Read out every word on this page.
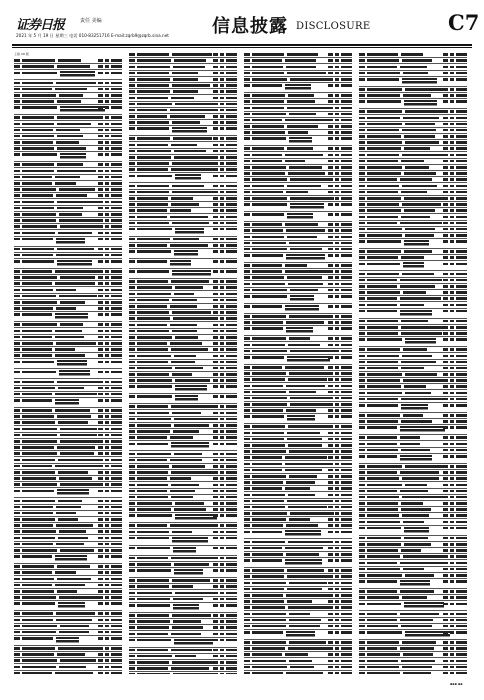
证券日报	责任 美编
2021 年 5 月 19 日 星期三 电话 010-83251716 E-mail:zqrb9@zqrb.sina.net 信息披露 DISCLOSURE	C7
上接 C6 版
▪▪▪ ▪▪
